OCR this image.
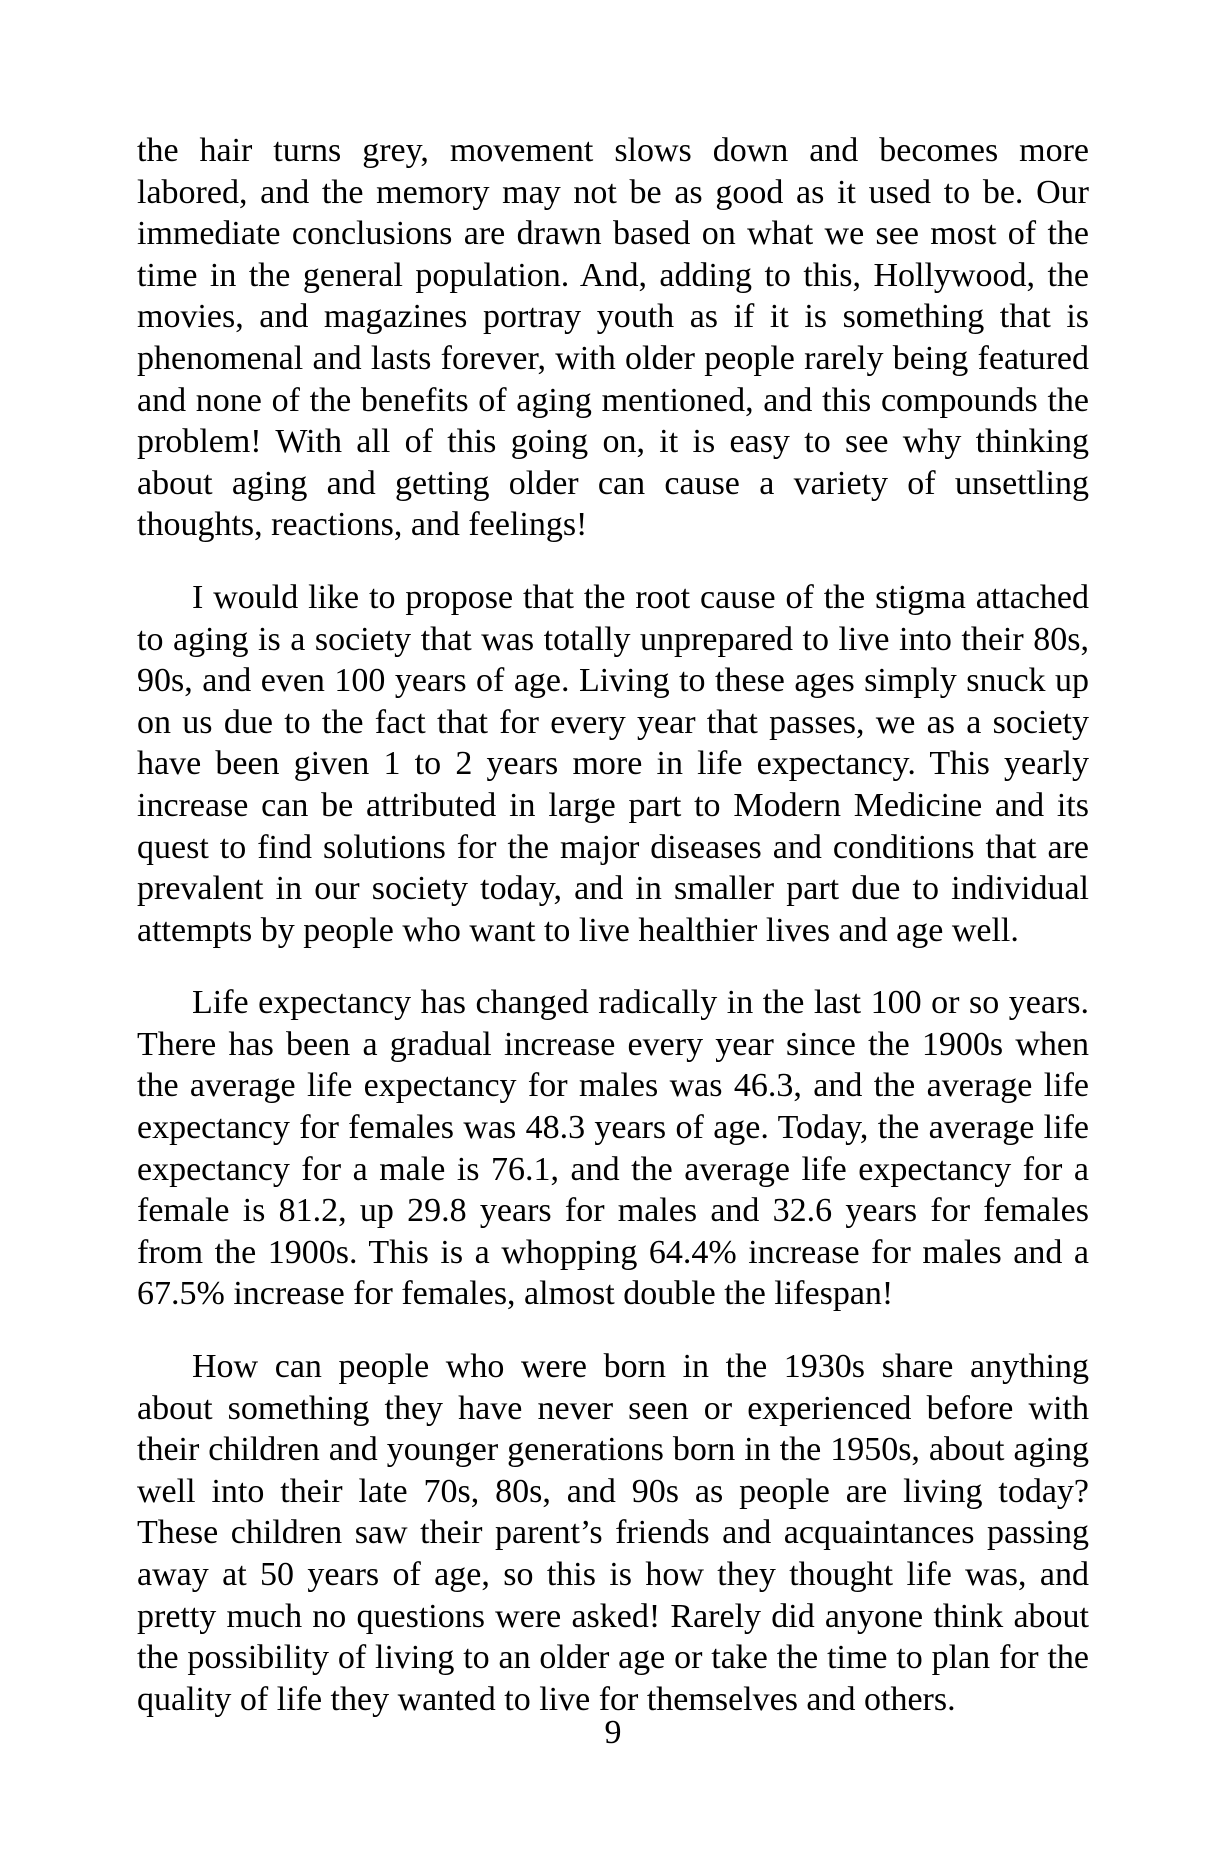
the hair turns grey, movement slows down and becomes more labored, and the memory may not be as good as it used to be. Our immediate conclusions are drawn based on what we see most of the time in the general population. And, adding to this, Hollywood, the movies, and magazines portray youth as if it is something that is phenomenal and lasts forever, with older people rarely being featured and none of the benefits of aging mentioned, and this compounds the problem! With all of this going on, it is easy to see why thinking about aging and getting older can cause a variety of unsettling thoughts, reactions, and feelings!

I would like to propose that the root cause of the stigma attached to aging is a society that was totally unprepared to live into their 80s, 90s, and even 100 years of age. Living to these ages simply snuck up on us due to the fact that for every year that passes, we as a society have been given 1 to 2 years more in life expectancy. This yearly increase can be attributed in large part to Modern Medicine and its quest to find solutions for the major diseases and conditions that are prevalent in our society today, and in smaller part due to individual attempts by people who want to live healthier lives and age well.

Life expectancy has changed radically in the last 100 or so years. There has been a gradual increase every year since the 1900s when the average life expectancy for males was 46.3, and the average life expectancy for females was 48.3 years of age. Today, the average life expectancy for a male is 76.1, and the average life expectancy for a female is 81.2, up 29.8 years for males and 32.6 years for females from the 1900s. This is a whopping 64.4% increase for males and a 67.5% increase for females, almost double the lifespan!

How can people who were born in the 1930s share anything about something they have never seen or experienced before with their children and younger generations born in the 1950s, about aging well into their late 70s, 80s, and 90s as people are living today? These children saw their parent’s friends and acquaintances passing away at 50 years of age, so this is how they thought life was, and pretty much no questions were asked! Rarely did anyone think about the possibility of living to an older age or take the time to plan for the quality of life they wanted to live for themselves and others.

9
